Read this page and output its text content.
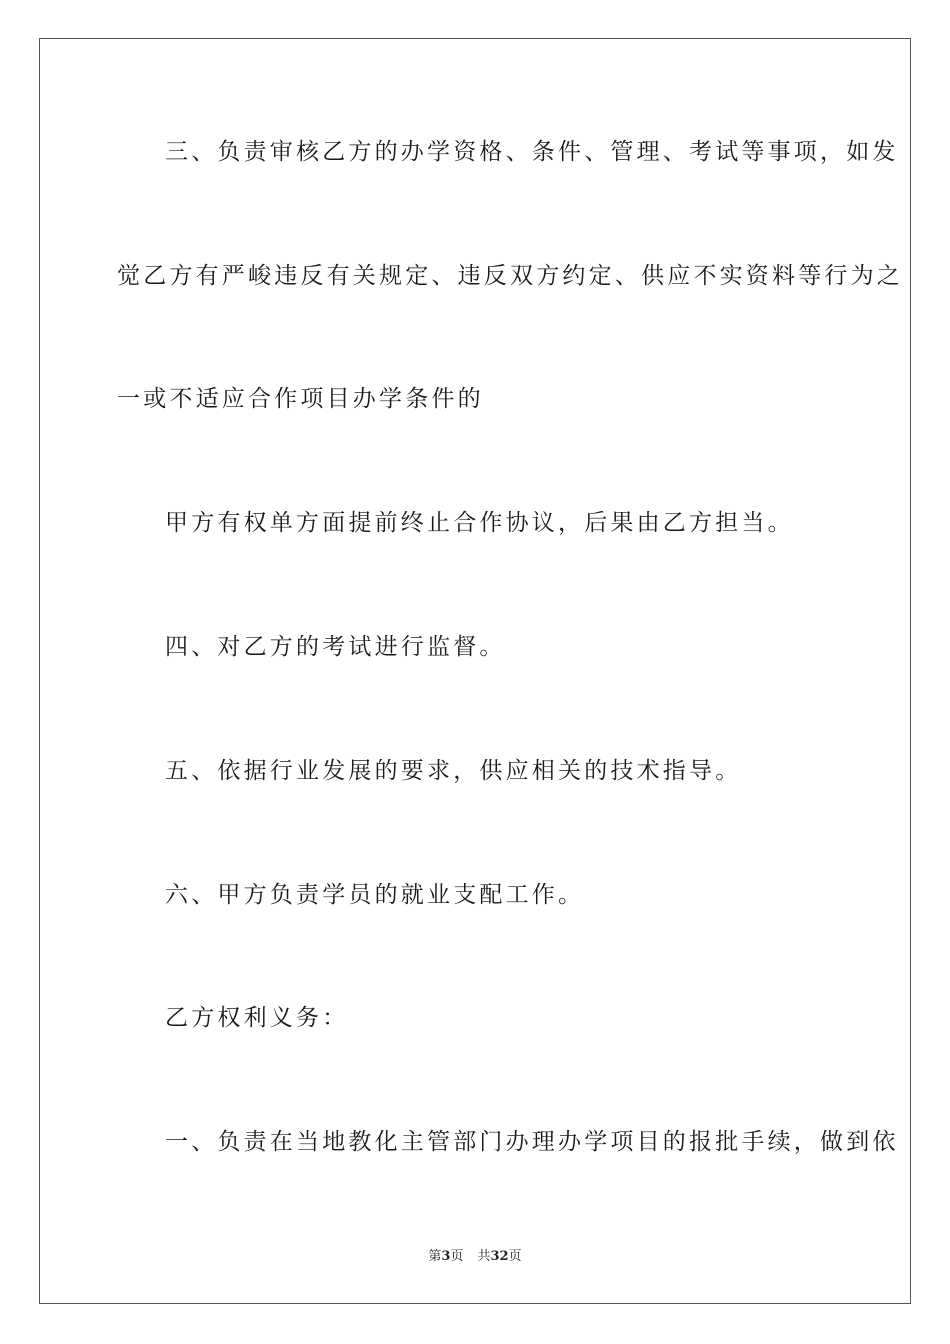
三、负责审核乙方的办学资格、条件、管理、考试等事项，如发
觉乙方有严峻违反有关规定、违反双方约定、供应不实资料等行为之
一或不适应合作项目办学条件的
甲方有权单方面提前终止合作协议，后果由乙方担当。
四、对乙方的考试进行监督。
五、依据行业发展的要求，供应相关的技术指导。
六、甲方负责学员的就业支配工作。
乙方权利义务：
一、负责在当地教化主管部门办理办学项目的报批手续，做到依
第3页 共32页
